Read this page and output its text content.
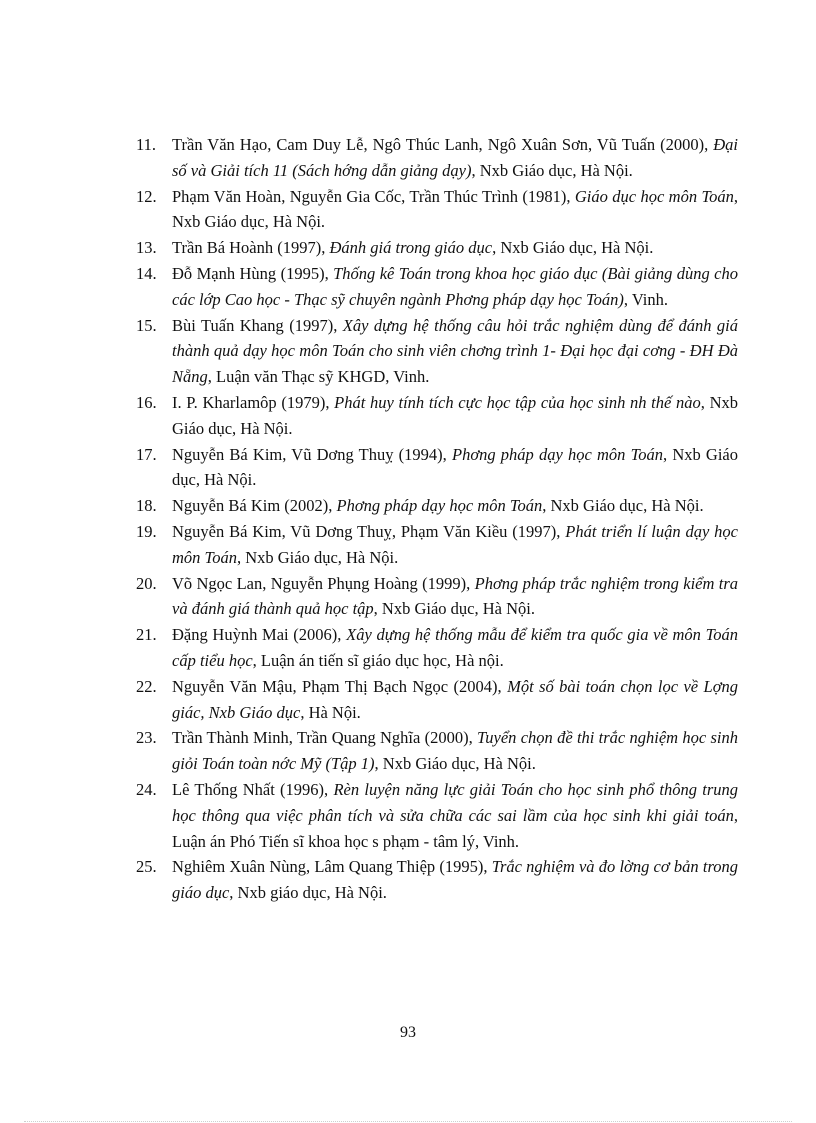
11. Trần Văn Hạo, Cam Duy Lễ, Ngô Thúc Lanh, Ngô Xuân Sơn, Vũ Tuấn (2000), Đại số và Giải tích 11 (Sách hớng dẫn giảng dạy), Nxb Giáo dục, Hà Nội.
12. Phạm Văn Hoàn, Nguyễn Gia Cốc, Trần Thúc Trình (1981), Giáo dục học môn Toán, Nxb Giáo dục, Hà Nội.
13. Trần Bá Hoành (1997), Đánh giá trong giáo dục, Nxb Giáo dục, Hà Nội.
14. Đỗ Mạnh Hùng (1995), Thống kê Toán trong khoa học giáo dục (Bài giảng dùng cho các lớp Cao học - Thạc sỹ chuyên ngành Phơng pháp dạy học Toán), Vinh.
15. Bùi Tuấn Khang (1997), Xây dựng hệ thống câu hỏi trắc nghiệm dùng để đánh giá thành quả dạy học môn Toán cho sinh viên chơng trình 1- Đại học đại cơng - ĐH Đà Nẵng, Luận văn Thạc sỹ KHGD, Vinh.
16. I. P. Kharlamôp (1979), Phát huy tính tích cực học tập của học sinh nh thế nào, Nxb Giáo dục, Hà Nội.
17. Nguyễn Bá Kim, Vũ Dơng Thuỵ (1994), Phơng pháp dạy học môn Toán, Nxb Giáo dục, Hà Nội.
18. Nguyễn Bá Kim (2002), Phơng pháp dạy học môn Toán, Nxb Giáo dục, Hà Nội.
19. Nguyễn Bá Kim, Vũ Dơng Thuỵ, Phạm Văn Kiều (1997), Phát triển lí luận dạy học môn Toán, Nxb Giáo dục, Hà Nội.
20. Võ Ngọc Lan, Nguyễn Phụng Hoàng (1999), Phơng pháp trắc nghiệm trong kiểm tra và đánh giá thành quả học tập, Nxb Giáo dục, Hà Nội.
21. Đặng Huỳnh Mai (2006), Xây dựng hệ thống mẫu để kiểm tra quốc gia về môn Toán cấp tiểu học, Luận án tiến sĩ giáo dục học, Hà nội.
22. Nguyễn Văn Mậu, Phạm Thị Bạch Ngọc (2004), Một số bài toán chọn lọc về Lợng giác, Nxb Giáo dục, Hà Nội.
23. Trần Thành Minh, Trần Quang Nghĩa (2000), Tuyển chọn đề thi trắc nghiệm học sinh giỏi Toán toàn nớc Mỹ (Tập 1), Nxb Giáo dục, Hà Nội.
24. Lê Thống Nhất (1996), Rèn luyện năng lực giải Toán cho học sinh phổ thông trung học thông qua việc phân tích và sửa chữa các sai lầm của học sinh khi giải toán, Luận án Phó Tiến sĩ khoa học s phạm - tâm lý, Vinh.
25. Nghiêm Xuân Nùng, Lâm Quang Thiệp (1995), Trắc nghiệm và đo lờng cơ bản trong giáo dục, Nxb giáo dục, Hà Nội.
93
